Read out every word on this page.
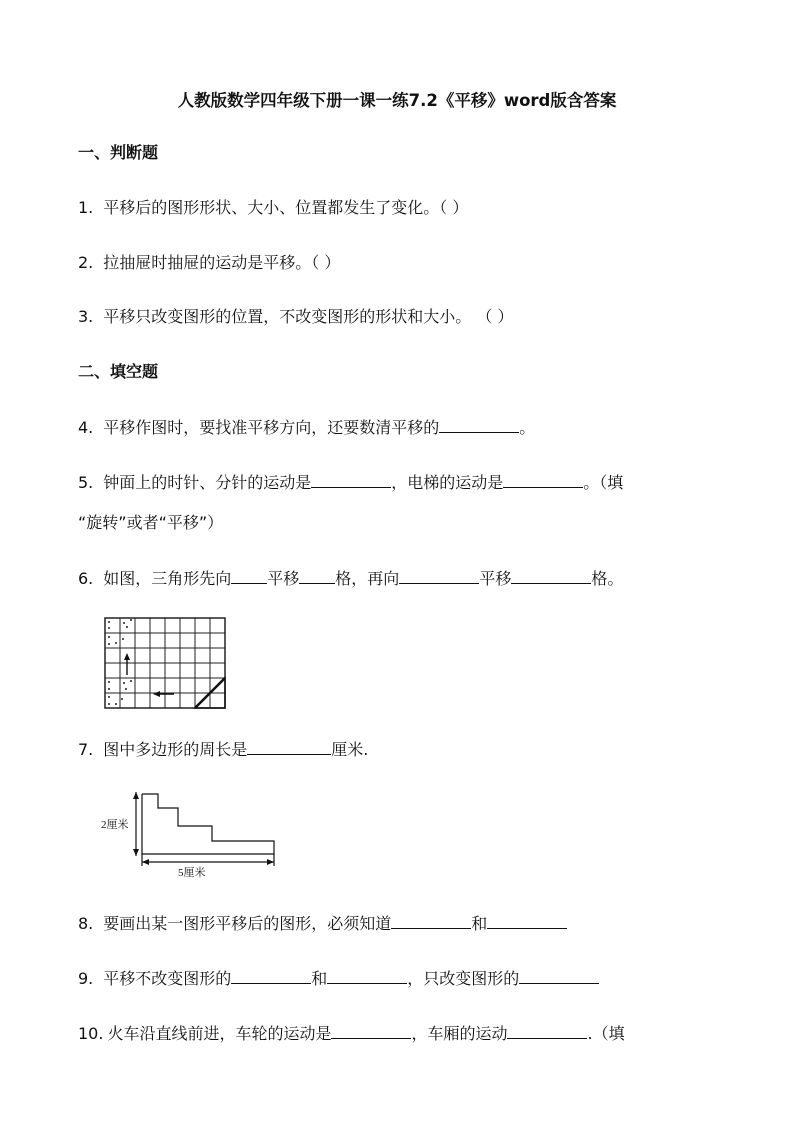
人教版数学四年级下册一课一练7.2《平移》word版含答案
一、判断题
1. 平移后的图形形状、大小、位置都发生了变化。（ ）
2. 拉抽屉时抽屉的运动是平移。（ ）
3. 平移只改变图形的位置，不改变图形的形状和大小。 （ ）
二、填空题
4. 平移作图时，要找准平移方向，还要数清平移的	。
5. 钟面上的时针、分针的运动是	，电梯的运动是	。（填
“旋转”或者“平移”）
6. 如图，三角形先向 平移 格，再向	平移	格。
7. 图中多边形的周长是	厘米.
2厘米
5厘米
8. 要画出某一图形平移后的图形，必须知道	和
9. 平移不改变图形的	和	，只改变图形的
10. 火车沿直线前进，车轮的运动是	，车厢的运动	.（填
